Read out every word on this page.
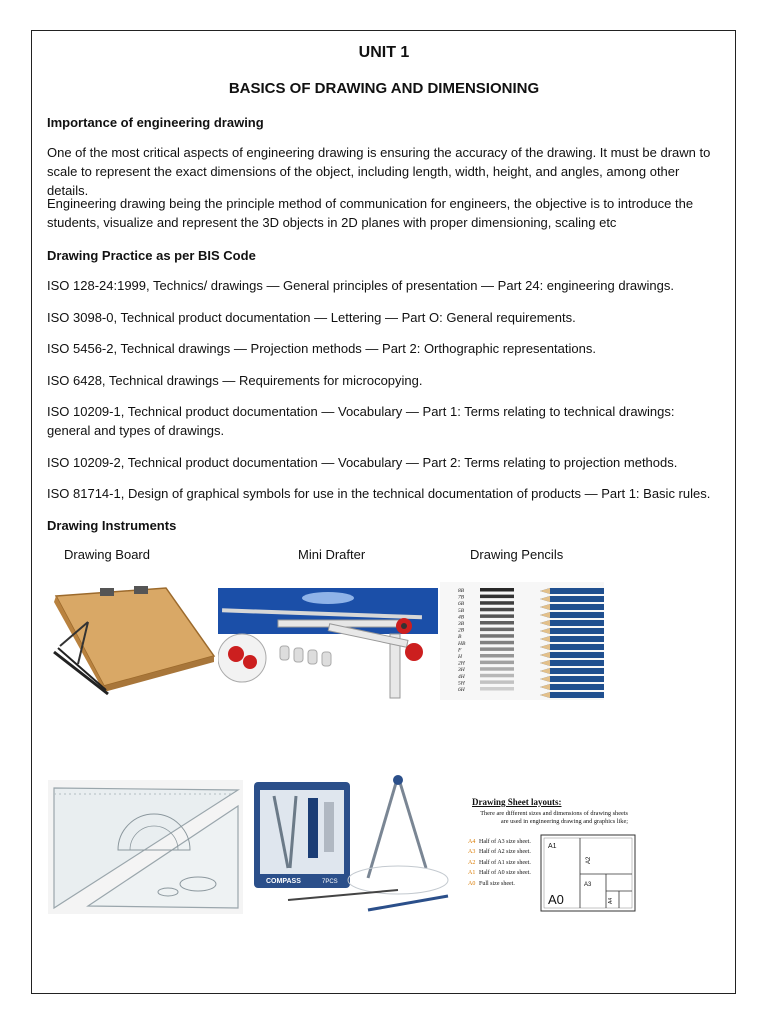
UNIT 1
BASICS OF DRAWING AND DIMENSIONING
Importance of engineering drawing
One of the most critical aspects of engineering drawing is ensuring the accuracy of the drawing. It must be drawn to scale to represent the exact dimensions of the object, including length, width, height, and angles, among other details.
Engineering drawing being the principle method of communication for engineers, the objective is to introduce the students, visualize and represent the 3D objects in 2D planes with proper dimensioning, scaling etc
Drawing Practice as per BIS Code
ISO 128-24:1999, Technics/ drawings — General principles of presentation — Part 24: engineering drawings.
ISO 3098-0, Technical product documentation — Lettering — Part O: General requirements.
ISO 5456-2, Technical drawings — Projection methods — Part 2: Orthographic representations.
ISO 6428, Technical drawings — Requirements for microcopying.
ISO 10209-1, Technical product documentation — Vocabulary — Part 1: Terms relating to technical drawings: general and types of drawings.
ISO 10209-2, Technical product documentation — Vocabulary — Part 2: Terms relating to projection methods.
ISO 81714-1, Design of graphical symbols for use in the technical documentation of products — Part 1: Basic rules.
Drawing Instruments
Drawing Board	Mini Drafter	Drawing Pencils
8B
7B
6B
5B
4B
3B
2B
B
HB
F
H
2H
3H
4H
5H
6H
COMPASS	7PCS
Drawing Sheet layouts:
There are different sizes and dimensions of drawing sheets are used in engineering drawing and graphics like;
A4 Half of A3 size sheet.
A3 Half of A2 size sheet.
A2 Half of A1 size sheet.
A1 Half of A0 size sheet.
A0 Full size sheet.
A0
A1
A2
A3
A4
